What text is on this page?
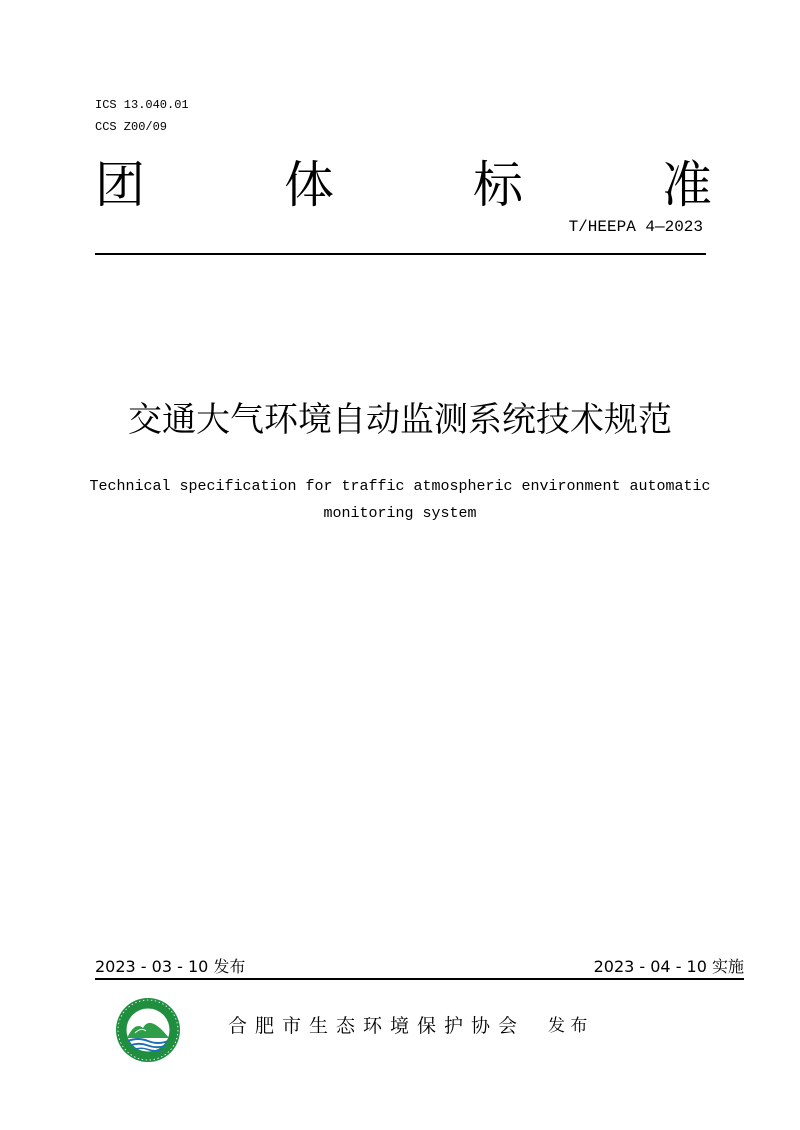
ICS 13.040.01
CCS Z00/09
团	体	标	准
T/HEEPA 4—2023
交通大气环境自动监测系统技术规范
Technical specification for traffic atmospheric environment automatic
monitoring system
2023 - 03 - 10 发布	2023 - 04 - 10 实施
合肥市生态环境保护协会 发 布
